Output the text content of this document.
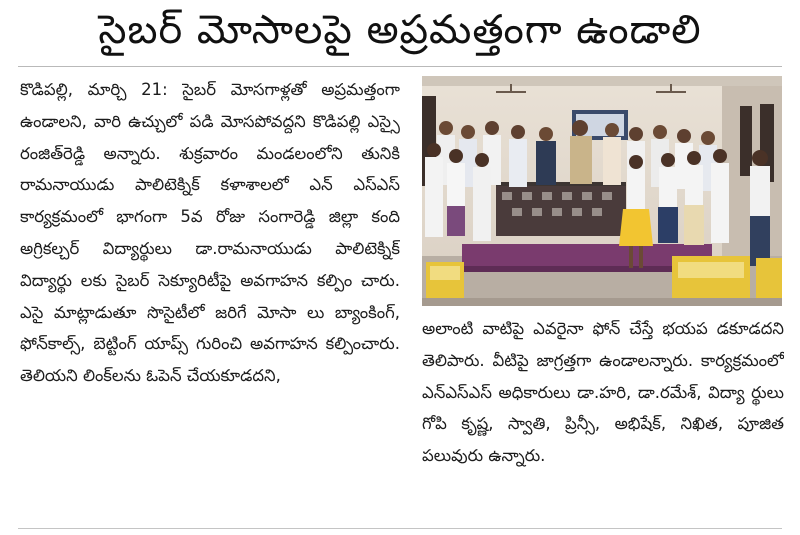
సైబర్ మోసాలపై అప్రమత్తంగా ఉండాలి

కొడిపల్లి, మార్చి 21: సైబర్ మోసగాళ్లతో అప్రమత్తంగా ఉండాలని, వారి ఉచ్చులో పడి మోసపోవద్దని కొడిపల్లి ఎస్సై రంజిత్‌రెడ్డి అన్నారు. శుక్రవారం మండలంలోని తునికి రామనాయుడు పాలిటెక్నిక్ కళాశాలలో ఎన్ ఎస్‌ఎస్ కార్యక్రమంలో భాగంగా 5వ రోజు సంగారెడ్డి జిల్లా కంది అగ్రికల్చర్ విద్యార్థులు డా.రామనాయుడు పాలిటెక్నిక్ విద్యార్థు లకు సైబర్ సెక్యూరిటీపై అవగాహన కల్పిం చారు. ఎసై మాట్లాడుతూ సొసైటీలో జరిగే మోసా లు బ్యాంకింగ్, ఫోన్‌కాల్స్, బెట్టింగ్ యాప్స్ గురించి అవగాహన కల్పించారు. తెలియని లింక్‌లను ఓపెన్ చేయకూడదని,

అలాంటి వాటిపై ఎవరైనా ఫోన్ చేస్తే భయప డకూడదని తెలిపారు. వీటిపై జాగ్రత్తగా ఉండాలన్నారు. కార్యక్రమంలో ఎన్‌ఎస్‌ఎస్ అధికారులు డా.హరి, డా.రమేశ్, విద్యా ర్థులు గోపి కృష్ణ, స్వాతి, ప్రిన్సీ, అభిషేక్, నిఖిత, పూజిత పలువురు ఉన్నారు.
